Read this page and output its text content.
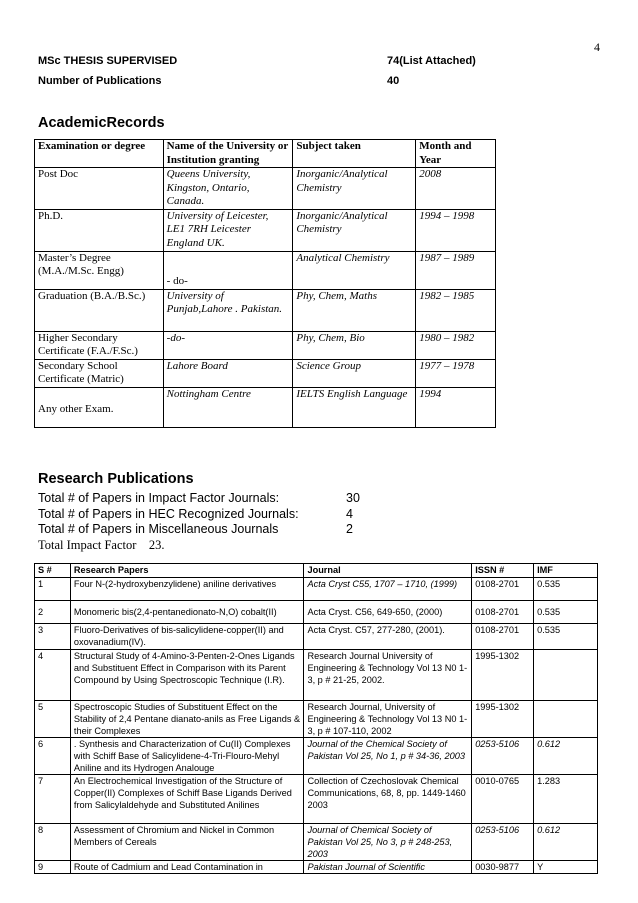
4
MSc THESIS SUPERVISED	74(List Attached)
Number of Publications	40
AcademicRecords
Examination or degree	Name of the University or Institution granting	Subject taken	Month and Year
Post Doc	Queens University, Kingston, Ontario, Canada.	Inorganic/Analytical Chemistry	2008
Ph.D.	University of Leicester, LE1 7RH Leicester England UK.	Inorganic/Analytical Chemistry	1994 – 1998
Master’s Degree (M.A./M.Sc. Engg)	- do-	Analytical Chemistry	1987 – 1989
Graduation (B.A./B.Sc.)	University of Punjab,Lahore . Pakistan.	Phy, Chem, Maths	1982 – 1985
Higher Secondary Certificate (F.A./F.Sc.)	-do-	Phy, Chem, Bio	1980 – 1982
Secondary School Certificate (Matric)	Lahore Board	Science Group	1977 – 1978
Any other Exam.	Nottingham Centre	IELTS English Language	1994
Research Publications
Total # of Papers in Impact Factor Journals:	30
Total # of Papers in HEC Recognized Journals:	4
Total # of Papers in Miscellaneous Journals	2
Total Impact Factor    23.
S #	Research Papers	Journal	ISSN #	IMF
1	Four N-(2-hydroxybenzylidene) aniline derivatives	Acta Cryst C55, 1707 – 1710, (1999)	0108-2701	0.535
2	Monomeric bis(2,4-pentanedionato-N,O) cobalt(II)	Acta Cryst. C56, 649-650, (2000)	0108-2701	0.535
3	Fluoro-Derivatives of bis-salicylidene-copper(II) and oxovanadium(IV).	Acta Cryst. C57, 277-280, (2001).	0108-2701	0.535
4	Structural Study of 4-Amino-3-Penten-2-Ones Ligands and Substituent Effect in Comparison with its Parent Compound by Using Spectroscopic Technique (I.R).	Research Journal University of Engineering & Technology Vol 13 N0 1-3, p # 21-25, 2002.	1995-1302	
5	Spectroscopic Studies of Substituent Effect on the Stability of 2,4 Pentane dianato-anils as Free Ligands & their Complexes	Research Journal, University of Engineering & Technology Vol 13 N0 1-3, p # 107-110, 2002	1995-1302	
6	. Synthesis and Characterization of Cu(II) Complexes with Schiff Base of Salicylidene-4-Tri-Flouro-Mehyl Aniline and its Hydrogen Analouge	Journal of the Chemical Society of Pakistan Vol 25, No 1, p # 34-36, 2003	0253-5106	0.612
7	An Electrochemical Investigation of the Structure of Copper(II) Complexes of Schiff Base Ligands Derived from Salicylaldehyde and Substituted Anilines	Collection of Czechoslovak Chemical Communications, 68, 8, pp. 1449-1460 2003	0010-0765	1.283
8	Assessment of Chromium and Nickel in Common Members of Cereals	Journal of Chemical Society of Pakistan Vol 25, No 3, p # 248-253, 2003	0253-5106	0.612
9	Route of Cadmium and Lead Contamination in	Pakistan Journal of Scientific	0030-9877	Y
